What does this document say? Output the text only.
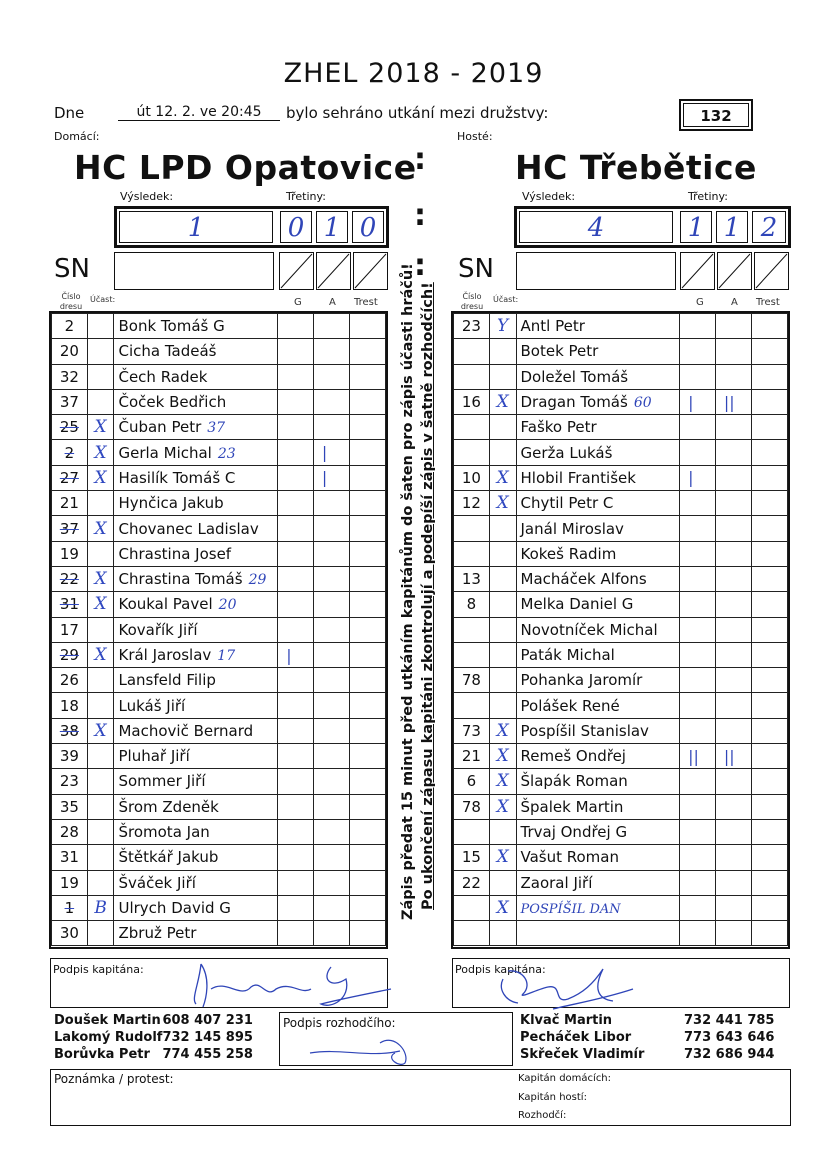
ZHEL 2018 - 2019
Dne	út 12. 2. ve 20:45	bylo sehráno utkání mezi družstvy:	132
Domácí:	Hosté:
HC LPD Opatovice
:	HC Třebětice
Výsledek:	Třetiny:	Výsledek:	Třetiny:
1	0 1 0 :	4	1 1 2
SN	: SN
Číslo dresu
Účast:	G	A Trest
Číslo dresu
Účast:	G	A Trest
2		Bonk Tomáš G			
20		Cicha Tadeáš			
32		Čech Radek			
37		Čoček Bedřich			
25	X	Čuban Petr 37			
2	X	Gerla Michal 23		|	
27	X	Hasilík Tomáš C		|	
21		Hynčica Jakub			
37	X	Chovanec Ladislav			
19		Chrastina Josef			
22	X	Chrastina Tomáš 29			
31	X	Koukal Pavel 20			
17		Kovařík Jiří			
29	X	Král Jaroslav 17	|		
26		Lansfeld Filip			
18		Lukáš Jiří			
38	X	Machovič Bernard			
39		Pluhař Jiří			
23		Sommer Jiří			
35		Šrom Zdeněk			
28		Šromota Jan			
31		Štětkář Jakub			
19		Šváček Jiří			
1	B	Ulrych David G			
30		Zbruž Petr			
23	Y	Antl Petr			
		Botek Petr			
		Doležel Tomáš			
16	X	Dragan Tomáš 60	|	||	
		Faško Petr			
		Gerža Lukáš			
10	X	Hlobil František	|		
12	X	Chytil Petr C			
		Janál Miroslav			
		Kokeš Radim			
13		Macháček Alfons			
8		Melka Daniel G			
		Novotníček Michal			
		Paták Michal			
78		Pohanka Jaromír			
		Polášek René			
73	X	Pospíšil Stanislav			
21	X	Remeš Ondřej	||	||	
6	X	Šlapák Roman			
78	X	Špalek Martin			
		Trvaj Ondřej G			
15	X	Vašut Roman			
22		Zaoral Jiří			
	X	POSPÍŠIL DAN			

Zápis předat 15 minut před utkáním kapitánům do šaten pro zápis účasti hráčů! Po ukončení zápasu kapitáni zkontrolují a podepíší zápis v šatně rozhodčích!
Podpis kapitána:	Podpis kapitána:
Doušek Martin	608 407 231
Lakomý Rudolf	732 145 895
Borůvka Petr	774 455 258
Podpis rozhodčího:	Klvač Martin	732 441 785
Pecháček Libor	773 643 646
Skřeček Vladimír	732 686 944
Poznámka / protest:	Kapitán domácích:
Kapitán hostí:
Rozhodčí:
